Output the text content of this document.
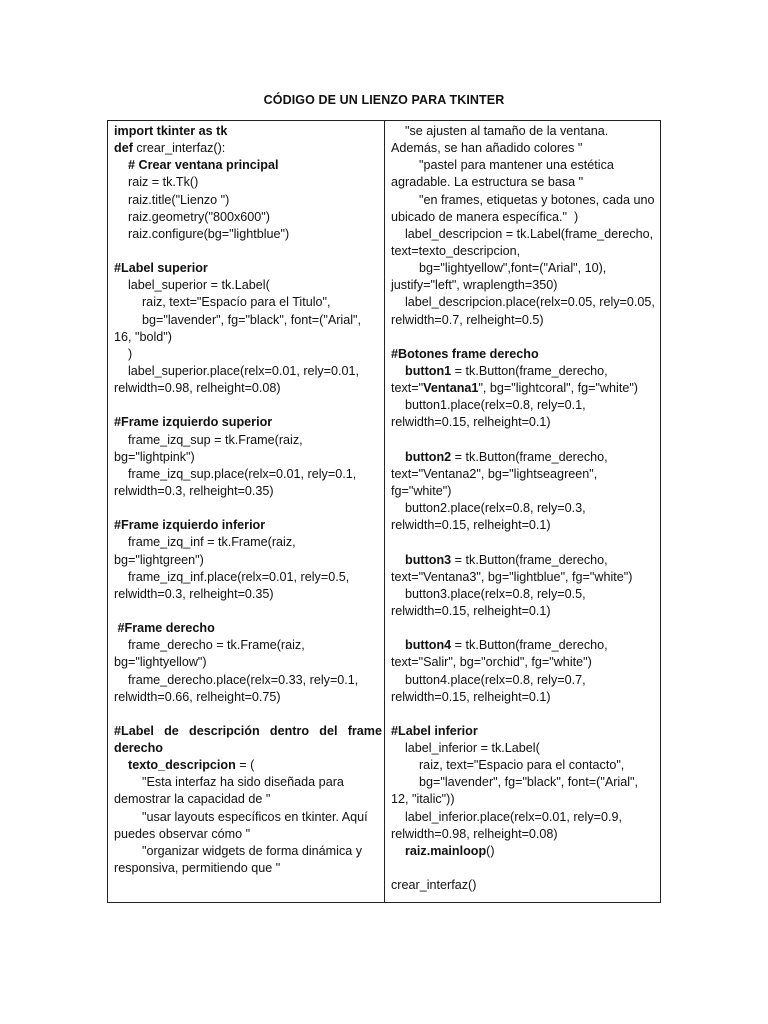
CÓDIGO DE UN LIENZO PARA TKINTER
import tkinter as tk
def crear_interfaz():
# Crear ventana principal
raiz = tk.Tk()
raiz.title("Lienzo ")
raiz.geometry("800x600")
raiz.configure(bg="lightblue")
#Label superior
label_superior = tk.Label(
raiz, text="Espacío para el Titulo",
bg="lavender", fg="black", font=("Arial",
16, "bold")
)
label_superior.place(relx=0.01, rely=0.01,
relwidth=0.98, relheight=0.08)
#Frame izquierdo superior
frame_izq_sup = tk.Frame(raiz,
bg="lightpink")
frame_izq_sup.place(relx=0.01, rely=0.1,
relwidth=0.3, relheight=0.35)
#Frame izquierdo inferior
frame_izq_inf = tk.Frame(raiz,
bg="lightgreen")
frame_izq_inf.place(relx=0.01, rely=0.5,
relwidth=0.3, relheight=0.35)
#Frame derecho
frame_derecho = tk.Frame(raiz,
bg="lightyellow")
frame_derecho.place(relx=0.33, rely=0.1,
relwidth=0.66, relheight=0.75)
#Label de descripción dentro del frame
derecho
texto_descripcion = (
"Esta interfaz ha sido diseñada para
demostrar la capacidad de "
"usar layouts específicos en tkinter. Aquí
puedes observar cómo "
"organizar widgets de forma dinámica y
responsiva, permitiendo que "
"se ajusten al tamaño de la ventana.
Además, se han añadido colores "
"pastel para mantener una estética
agradable. La estructura se basa "
"en frames, etiquetas y botones, cada uno
ubicado de manera específica."  )
label_descripcion = tk.Label(frame_derecho,
text=texto_descripcion,
bg="lightyellow",font=("Arial", 10),
justify="left", wraplength=350)
label_descripcion.place(relx=0.05, rely=0.05,
relwidth=0.7, relheight=0.5)
#Botones frame derecho
button1 = tk.Button(frame_derecho,
text="Ventana1", bg="lightcoral", fg="white")
button1.place(relx=0.8, rely=0.1,
relwidth=0.15, relheight=0.1)
button2 = tk.Button(frame_derecho,
text="Ventana2", bg="lightseagreen",
fg="white")
button2.place(relx=0.8, rely=0.3,
relwidth=0.15, relheight=0.1)
button3 = tk.Button(frame_derecho,
text="Ventana3", bg="lightblue", fg="white")
button3.place(relx=0.8, rely=0.5,
relwidth=0.15, relheight=0.1)
button4 = tk.Button(frame_derecho,
text="Salir", bg="orchid", fg="white")
button4.place(relx=0.8, rely=0.7,
relwidth=0.15, relheight=0.1)
#Label inferior
label_inferior = tk.Label(
raiz, text="Espacio para el contacto",
bg="lavender", fg="black", font=("Arial",
12, "italic"))
label_inferior.place(relx=0.01, rely=0.9,
relwidth=0.98, relheight=0.08)
raiz.mainloop()
crear_interfaz()
